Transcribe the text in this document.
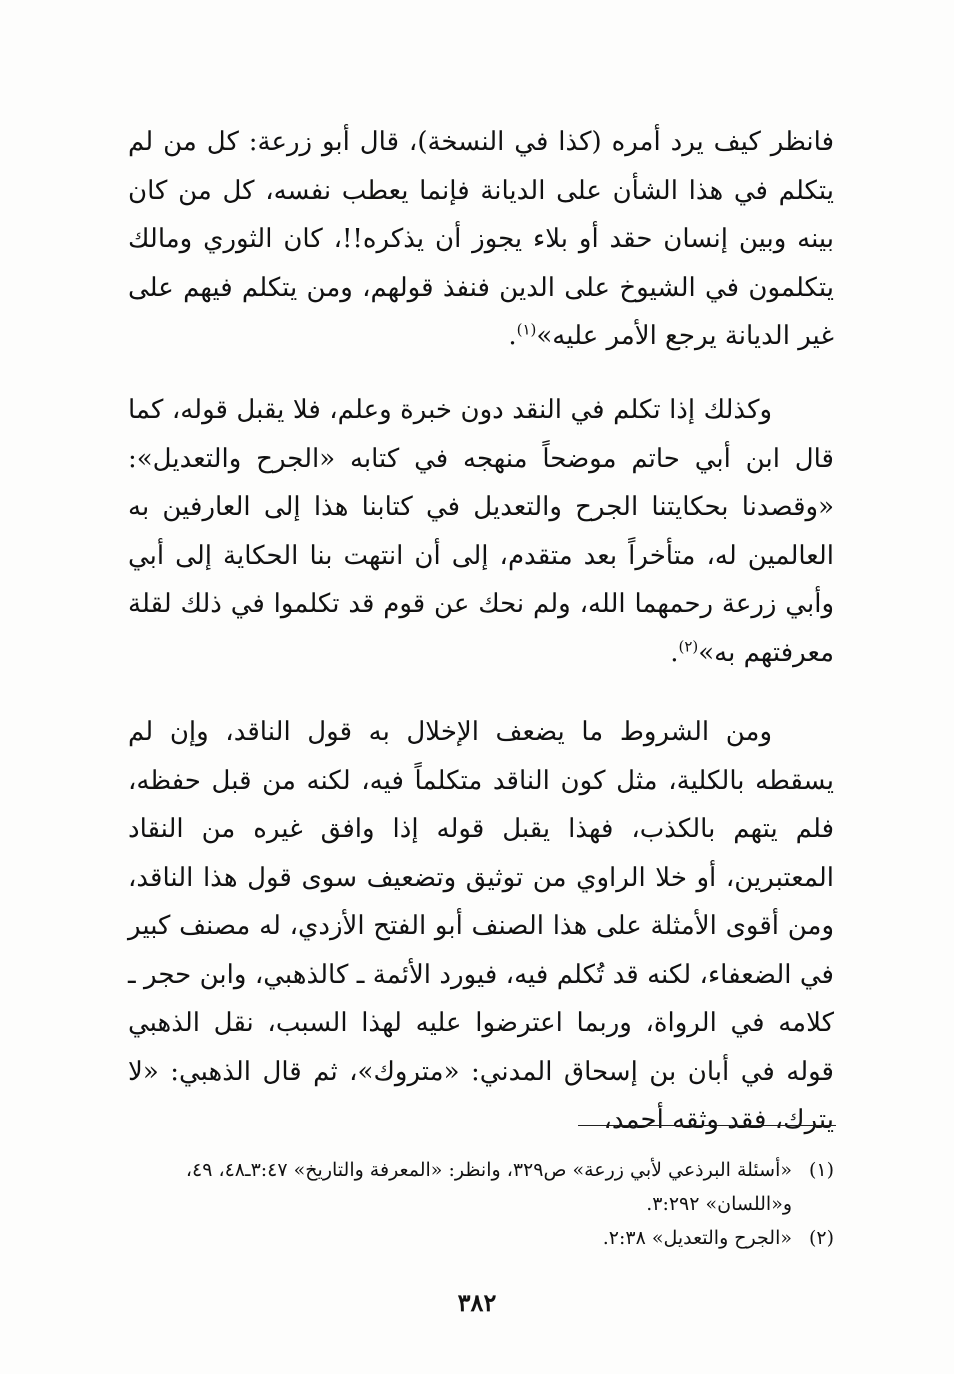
فانظر كيف يرد أمره (كذا في النسخة)، قال أبو زرعة: كل من لم يتكلم في هذا الشأن على الديانة فإنما يعطب نفسه، كل من كان بينه وبين إنسان حقد أو بلاء يجوز أن يذكره!!، كان الثوري ومالك يتكلمون في الشيوخ على الدين فنفذ قولهم، ومن يتكلم فيهم على غير الديانة يرجع الأمر عليه»$^{(١)}$.

وكذلك إذا تكلم في النقد دون خبرة وعلم، فلا يقبل قوله، كما قال ابن أبي حاتم موضحاً منهجه في كتابه «الجرح والتعديل»: «وقصدنا بحكايتنا الجرح والتعديل في كتابنا هذا إلى العارفين به العالمين له، متأخراً بعد متقدم، إلى أن انتهت بنا الحكاية إلى أبي وأبي زرعة رحمهما الله، ولم نحك عن قوم قد تكلموا في ذلك لقلة معرفتهم به»$^{(٢)}$.

ومن الشروط ما يضعف الإخلال به قول الناقد، وإن لم يسقطه بالكلية، مثل كون الناقد متكلماً فيه، لكنه من قبل حفظه، فلم يتهم بالكذب، فهذا يقبل قوله إذا وافق غيره من النقاد المعتبرين، أو خلا الراوي من توثيق وتضعيف سوى قول هذا الناقد، ومن أقوى الأمثلة على هذا الصنف أبو الفتح الأزدي، له مصنف كبير في الضعفاء، لكنه قد تُكلم فيه، فيورد الأئمة ـ كالذهبي، وابن حجر ـ كلامه في الرواة، وربما اعترضوا عليه لهذا السبب، نقل الذهبي قوله في أبان بن إسحاق المدني: «متروك»، ثم قال الذهبي: «لا يترك، فقد وثقه أحمد،

(١)
«أسئلة البرذعي لأبي زرعة» ص٣٢٩، وانظر: «المعرفة والتاريخ» ٣:٤٧ـ٤٨، ٤٩، و«اللسان» ٣:٢٩٢.
(٢)
«الجرح والتعديل» ٢:٣٨.
٣٨٢
